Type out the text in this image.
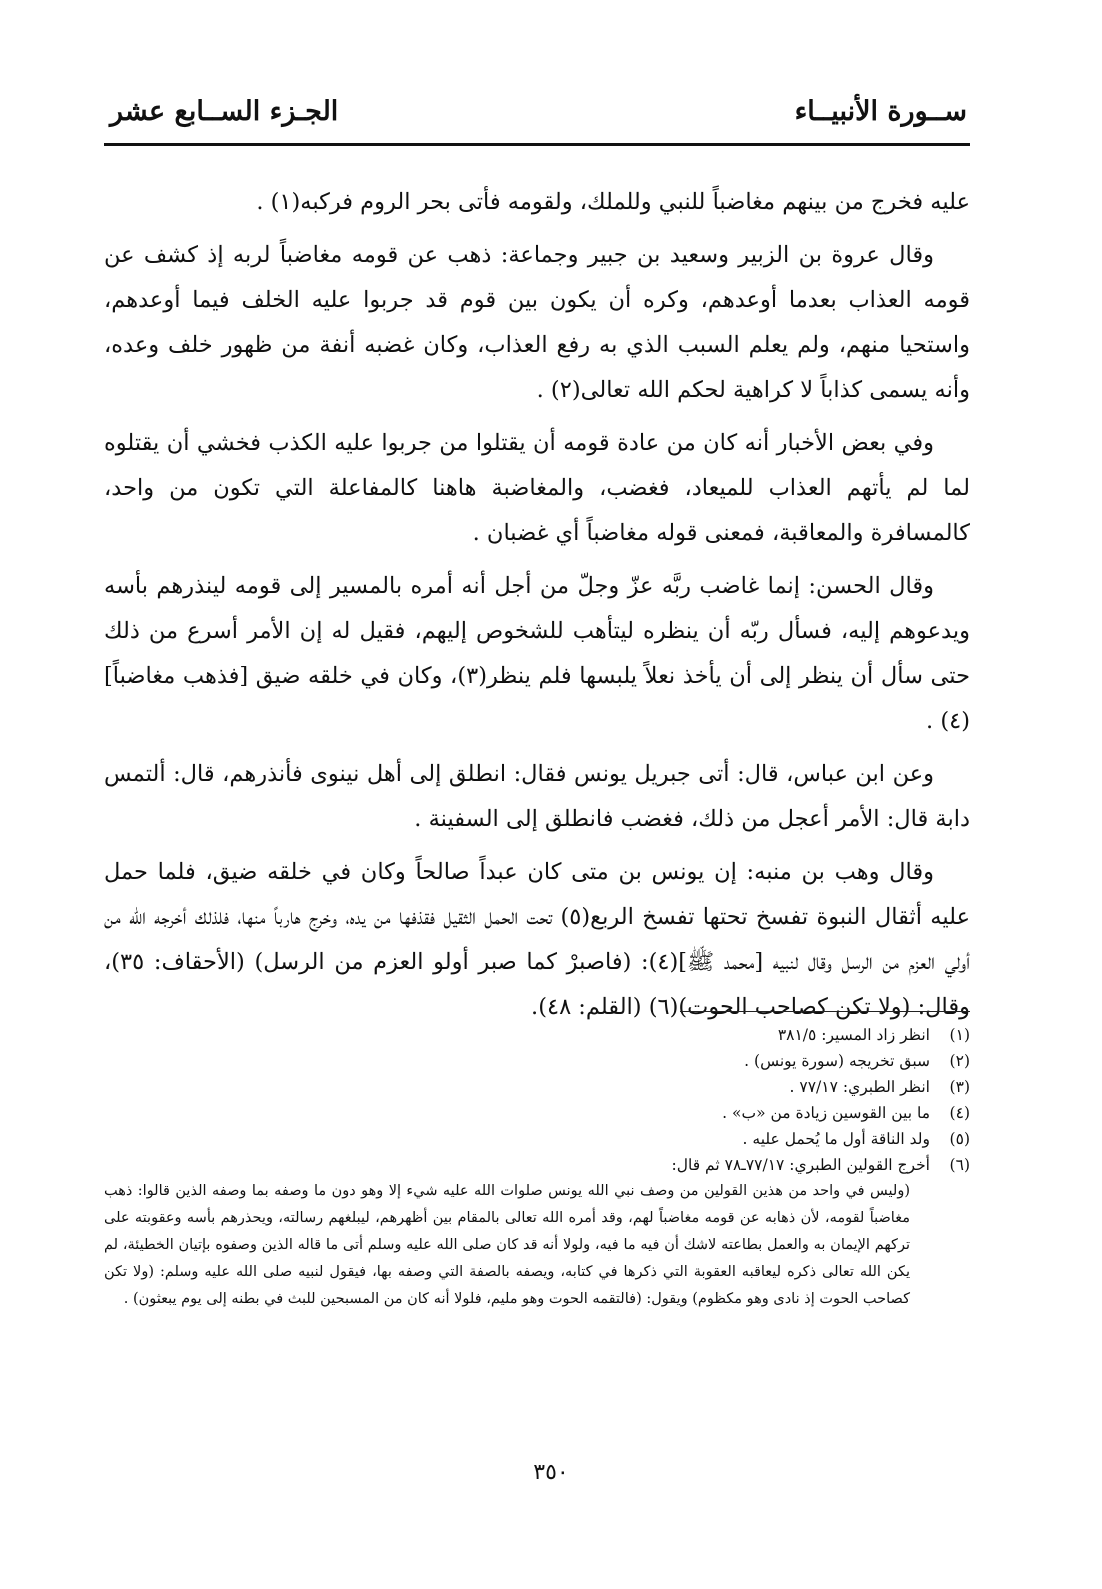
ســورة الأنبيــاء
الجـزء الســابع عشر

عليه فخرج من بينهم مغاضباً للنبي وللملك، ولقومه فأتى بحر الروم فركبه(١) .

وقال عروة بن الزبير وسعيد بن جبير وجماعة: ذهب عن قومه مغاضباً لربه إذ كشف عن قومه العذاب بعدما أوعدهم، وكره أن يكون بين قوم قد جربوا عليه الخلف فيما أوعدهم، واستحيا منهم، ولم يعلم السبب الذي به رفع العذاب، وكان غضبه أنفة من ظهور خلف وعده، وأنه يسمى كذاباً لا كراهية لحكم الله تعالى(٢) .

وفي بعض الأخبار أنه كان من عادة قومه أن يقتلوا من جربوا عليه الكذب فخشي أن يقتلوه لما لم يأتهم العذاب للميعاد، فغضب، والمغاضبة هاهنا كالمفاعلة التي تكون من واحد، كالمسافرة والمعاقبة، فمعنى قوله مغاضباً أي غضبان .

وقال الحسن: إنما غاضب ربَّه عزّ وجلّ من أجل أنه أمره بالمسير إلى قومه لينذرهم بأسه ويدعوهم إليه، فسأل ربّه أن ينظره ليتأهب للشخوص إليهم، فقيل له إن الأمر أسرع من ذلك حتى سأل أن ينظر إلى أن يأخذ نعلاً يلبسها فلم ينظر(٣)، وكان في خلقه ضيق [فذهب مغاضباً](٤) .

وعن ابن عباس، قال: أتى جبريل يونس فقال: انطلق إلى أهل نينوى فأنذرهم، قال: ألتمس دابة قال: الأمر أعجل من ذلك، فغضب فانطلق إلى السفينة .

وقال وهب بن منبه: إن يونس بن متى كان عبداً صالحاً وكان في خلقه ضيق، فلما حمل عليه أثقال النبوة تفسخ تحتها تفسخ الربع(٥) تحت الحمل الثقيل فقذفها من يده، وخرج هارباً منها، فلذلك أخرجه الله من أولي العزم من الرسل وقال لنبيه [محمد ﷺ](٤): (فاصبرْ كما صبر أولو العزم من الرسل) (الأحقاف: ٣٥)، وقال: (ولا تكن كصاحب الحوت)(٦) (القلم: ٤٨).

(١)
انظر زاد المسير: ٣٨١/٥
(٢)
سبق تخريجه (سورة يونس) .
(٣)
انظر الطبري: ٧٧/١٧ .
(٤)
ما بين القوسين زيادة من «ب» .
(٥)
ولد الناقة أول ما يُحمل عليه .
(٦)
أخرج القولين الطبري: ٧٧/١٧ـ٧٨ ثم قال:
(وليس في واحد من هذين القولين من وصف نبي الله يونس صلوات الله عليه شيء إلا وهو دون ما وصفه بما وصفه الذين قالوا: ذهب مغاضباً لقومه، لأن ذهابه عن قومه مغاضباً لهم، وقد أمره الله تعالى بالمقام بين أظهرهم، ليبلغهم رسالته، ويحذرهم بأسه وعقوبته على تركهم الإيمان به والعمل بطاعته لاشك أن فيه ما فيه، ولولا أنه قد كان صلى الله عليه وسلم أتى ما قاله الذين وصفوه بإتيان الخطيئة، لم يكن الله تعالى ذكره ليعاقبه العقوبة التي ذكرها في كتابه، ويصفه بالصفة التي وصفه بها، فيقول لنبيه صلى الله عليه وسلم: (ولا تكن كصاحب الحوت إذ نادى وهو مكظوم) ويقول: (فالتقمه الحوت وهو مليم، فلولا أنه كان من المسبحين للبث في بطنه إلى يوم يبعثون) .
٣٥٠
